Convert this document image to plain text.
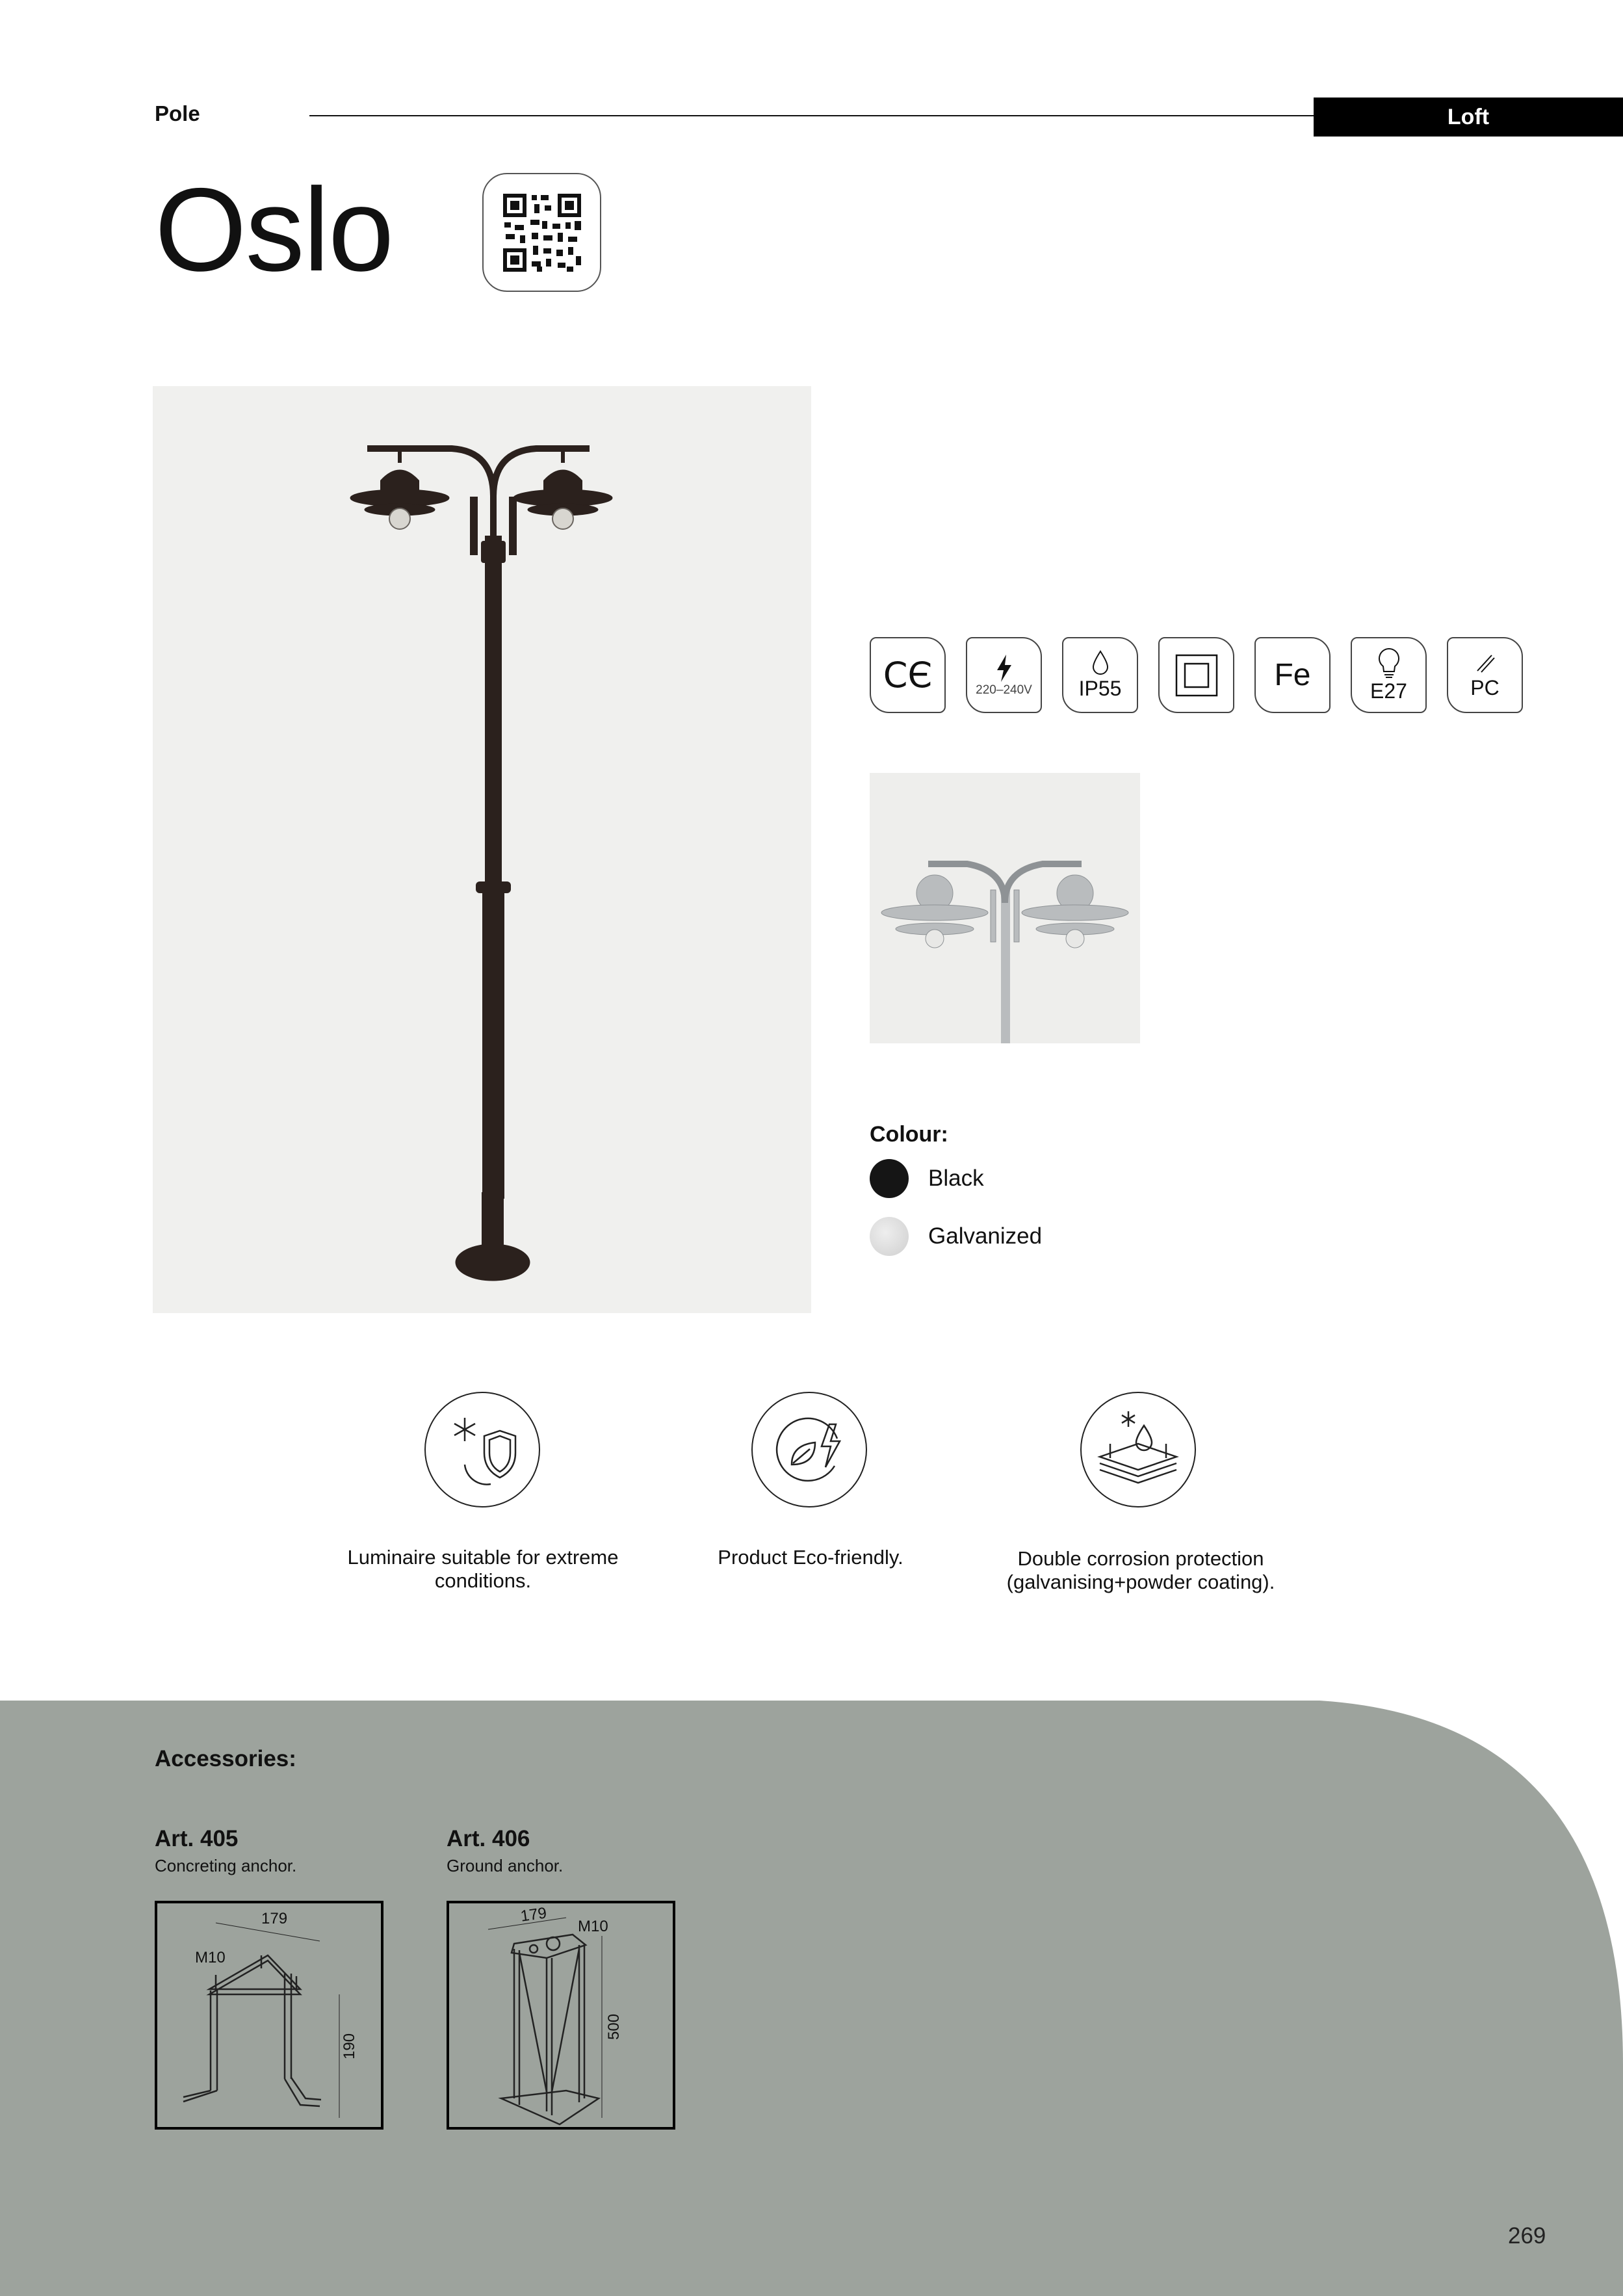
Pole	Loft
Oslo
CЄ	220–240V IP55	Fe	E27	PC
Colour:
Black
Galvanized
Luminaire suitable for extreme conditions.
Product Eco-friendly.	Double corrosion protection (galvanising+powder coating).
Accessories:
Art. 405
Concreting anchor.
Art. 406
Ground anchor.
179
M10
190
179
M10
500
269
